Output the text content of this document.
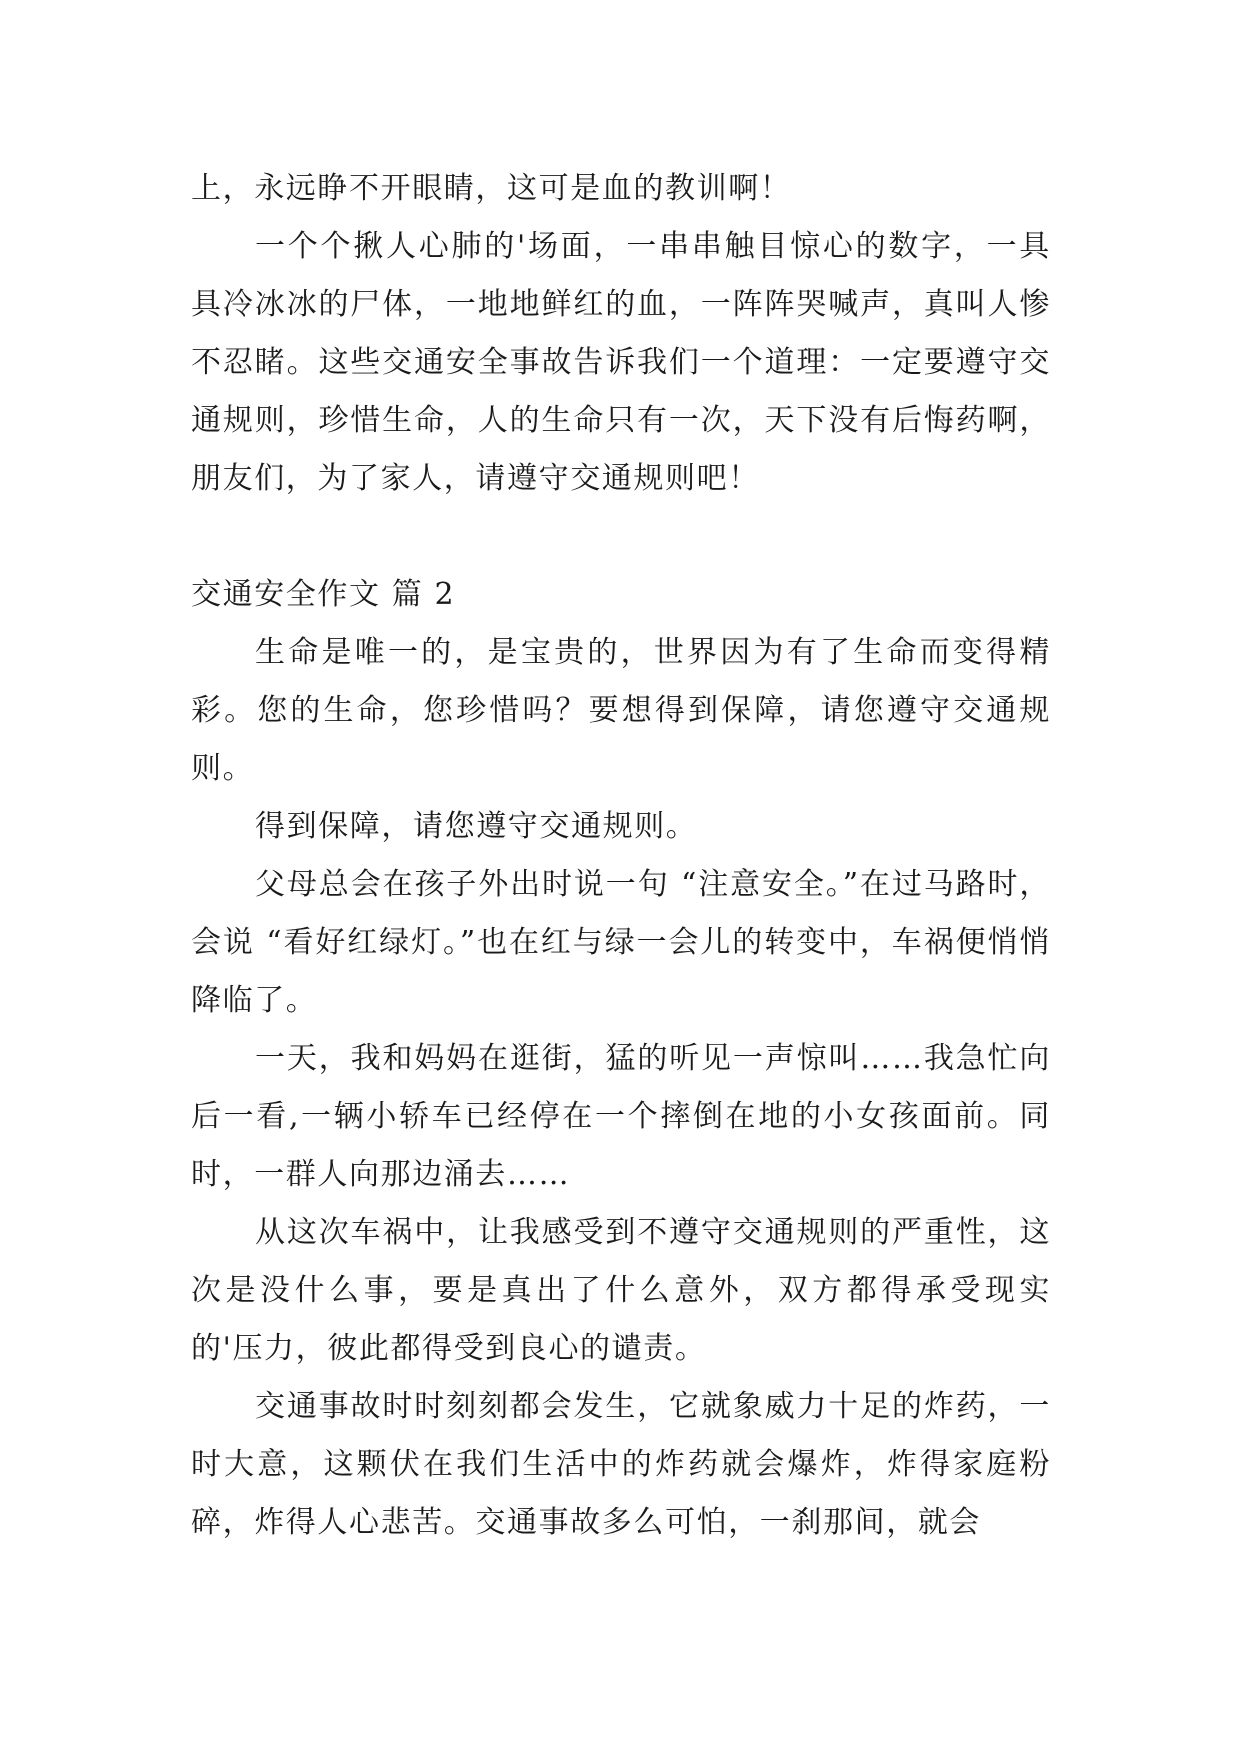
上，永远睁不开眼睛，这可是血的教训啊！

一个个揪人心肺的'场面，一串串触目惊心的数字，一具具冷冰冰的尸体，一地地鲜红的血，一阵阵哭喊声，真叫人惨不忍睹。这些交通安全事故告诉我们一个道理：一定要遵守交通规则，珍惜生命，人的生命只有一次，天下没有后悔药啊，朋友们，为了家人，请遵守交通规则吧！

交通安全作文 篇 2

生命是唯一的，是宝贵的，世界因为有了生命而变得精彩。您的生命，您珍惜吗？要想得到保障，请您遵守交通规则。

得到保障，请您遵守交通规则。

父母总会在孩子外出时说一句 “注意安全。”在过马路时，会说 “看好红绿灯。”也在红与绿一会儿的转变中，车祸便悄悄降临了。

一天，我和妈妈在逛街，猛的听见一声惊叫……我急忙向后一看,一辆小轿车已经停在一个摔倒在地的小女孩面前。同时，一群人向那边涌去……

从这次车祸中，让我感受到不遵守交通规则的严重性，这次是没什么事，要是真出了什么意外，双方都得承受现实的'压力，彼此都得受到良心的谴责。

交通事故时时刻刻都会发生，它就象威力十足的炸药，一时大意，这颗伏在我们生活中的炸药就会爆炸，炸得家庭粉碎，炸得人心悲苦。交通事故多么可怕，一刹那间，就会
